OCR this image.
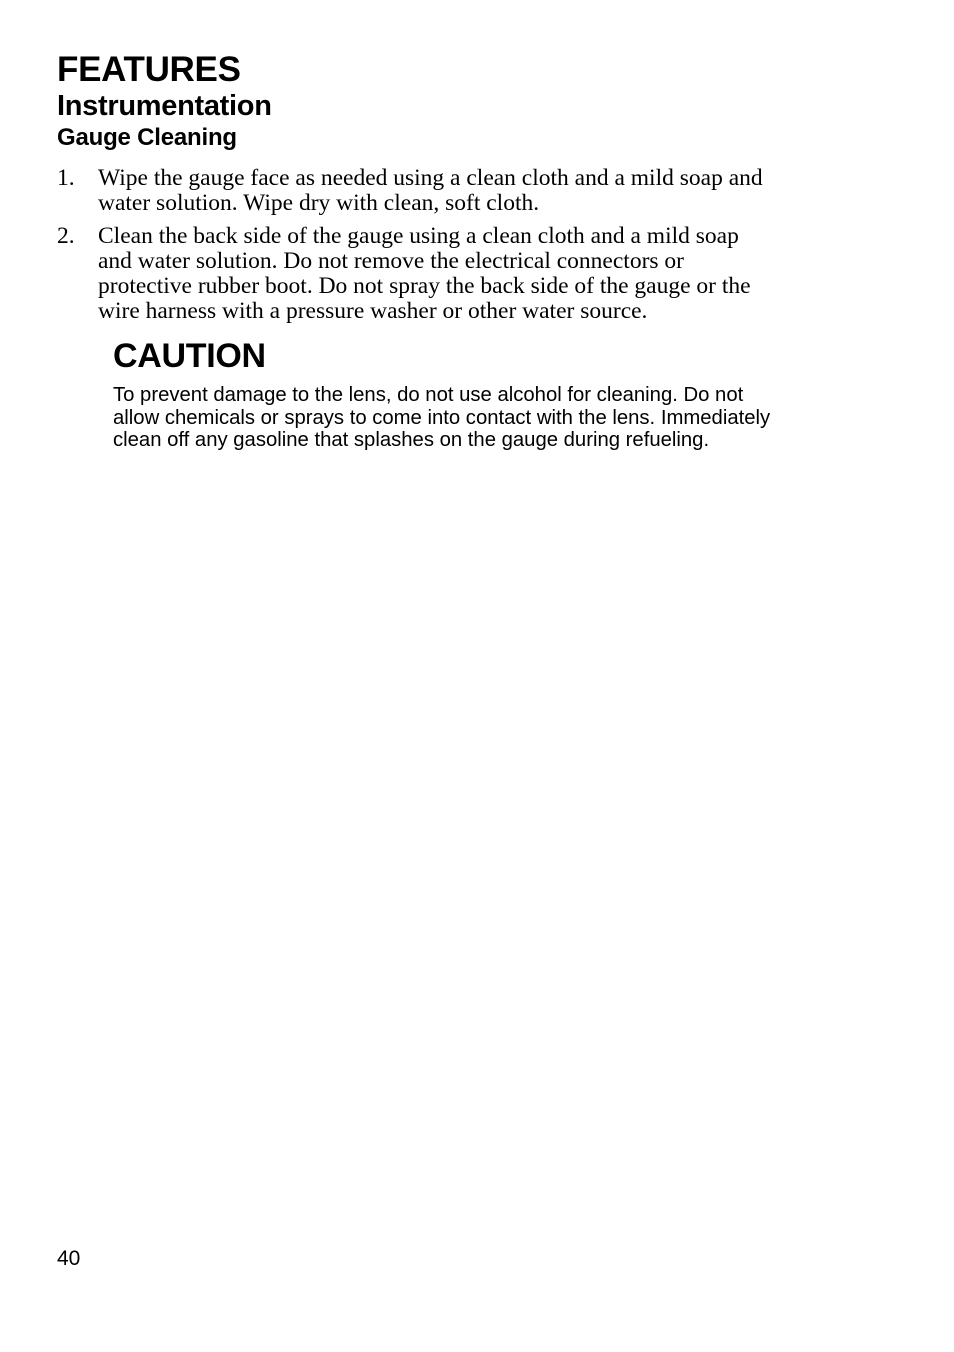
FEATURES
Instrumentation
Gauge Cleaning
1. Wipe the gauge face as needed using a clean cloth and a mild soap and water solution. Wipe dry with clean, soft cloth.
2. Clean the back side of the gauge using a clean cloth and a mild soap and water solution. Do not remove the electrical connectors or protective rubber boot. Do not spray the back side of the gauge or the wire harness with a pressure washer or other water source.
CAUTION

To prevent damage to the lens, do not use alcohol for cleaning. Do not allow chemicals or sprays to come into contact with the lens. Immediately clean off any gasoline that splashes on the gauge during refueling.

40
